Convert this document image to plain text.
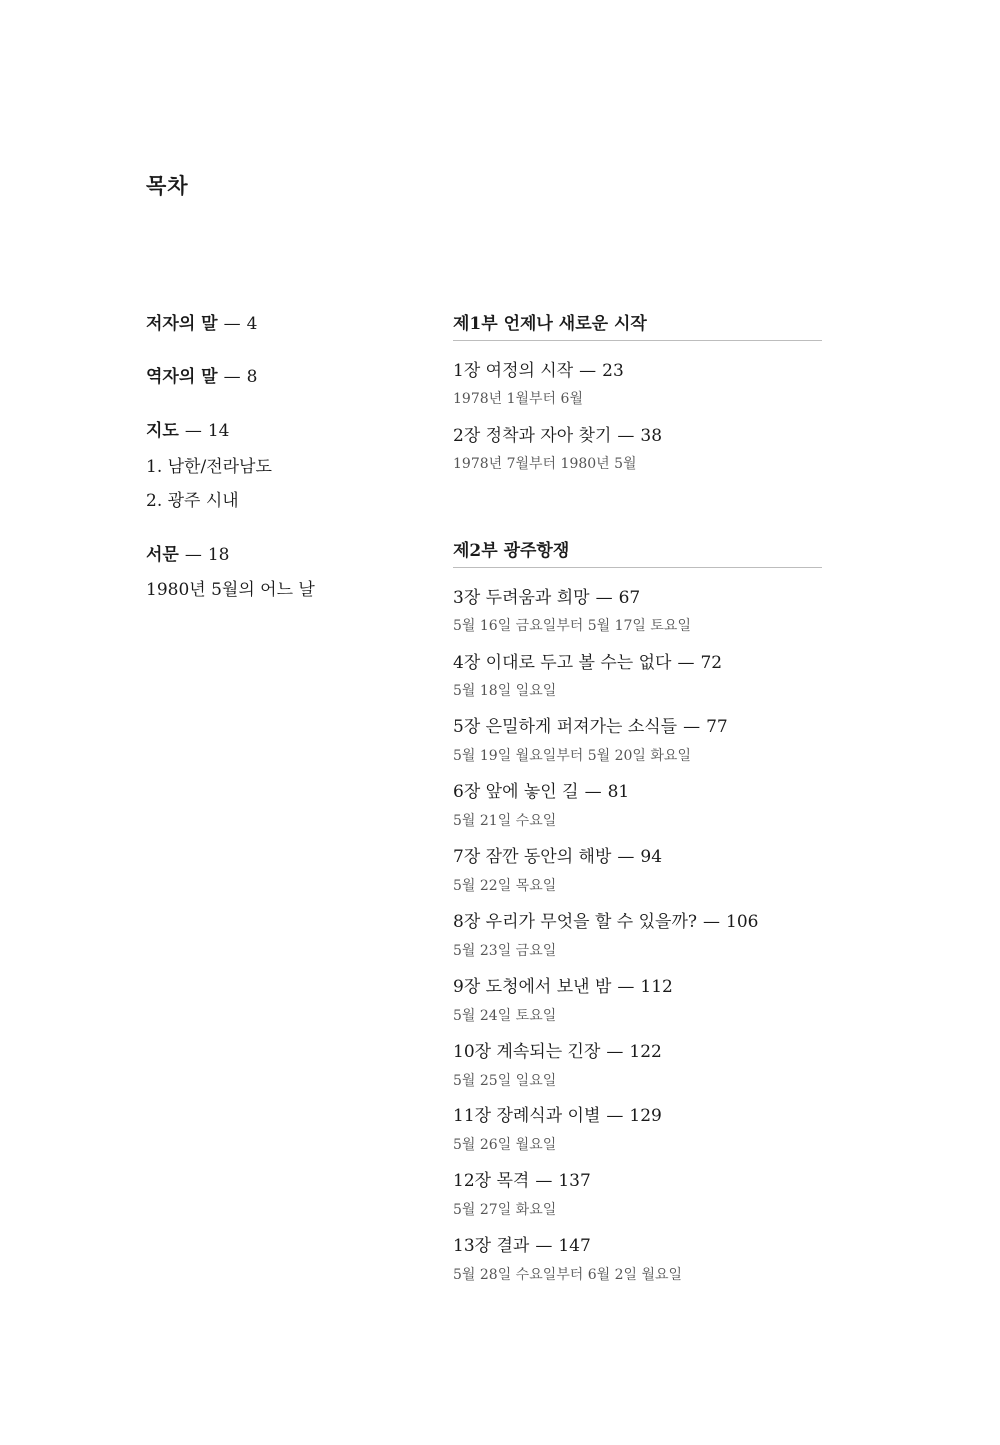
목차
저자의 말 — 4
역자의 말 — 8
지도 — 14
1. 남한/전라남도
2. 광주 시내
서문 — 18
1980년 5월의 어느 날
제1부 언제나 새로운 시작
1장 여정의 시작 — 23
1978년 1월부터 6월
2장 정착과 자아 찾기 — 38
1978년 7월부터 1980년 5월
제2부 광주항쟁
3장 두려움과 희망 — 67
5월 16일 금요일부터 5월 17일 토요일
4장 이대로 두고 볼 수는 없다 — 72
5월 18일 일요일
5장 은밀하게 퍼져가는 소식들 — 77
5월 19일 월요일부터 5월 20일 화요일
6장 앞에 놓인 길 — 81
5월 21일 수요일
7장 잠깐 동안의 해방 — 94
5월 22일 목요일
8장 우리가 무엇을 할 수 있을까? — 106
5월 23일 금요일
9장 도청에서 보낸 밤 — 112
5월 24일 토요일
10장 계속되는 긴장 — 122
5월 25일 일요일
11장 장례식과 이별 — 129
5월 26일 월요일
12장 목격 — 137
5월 27일 화요일
13장 결과 — 147
5월 28일 수요일부터 6월 2일 월요일
